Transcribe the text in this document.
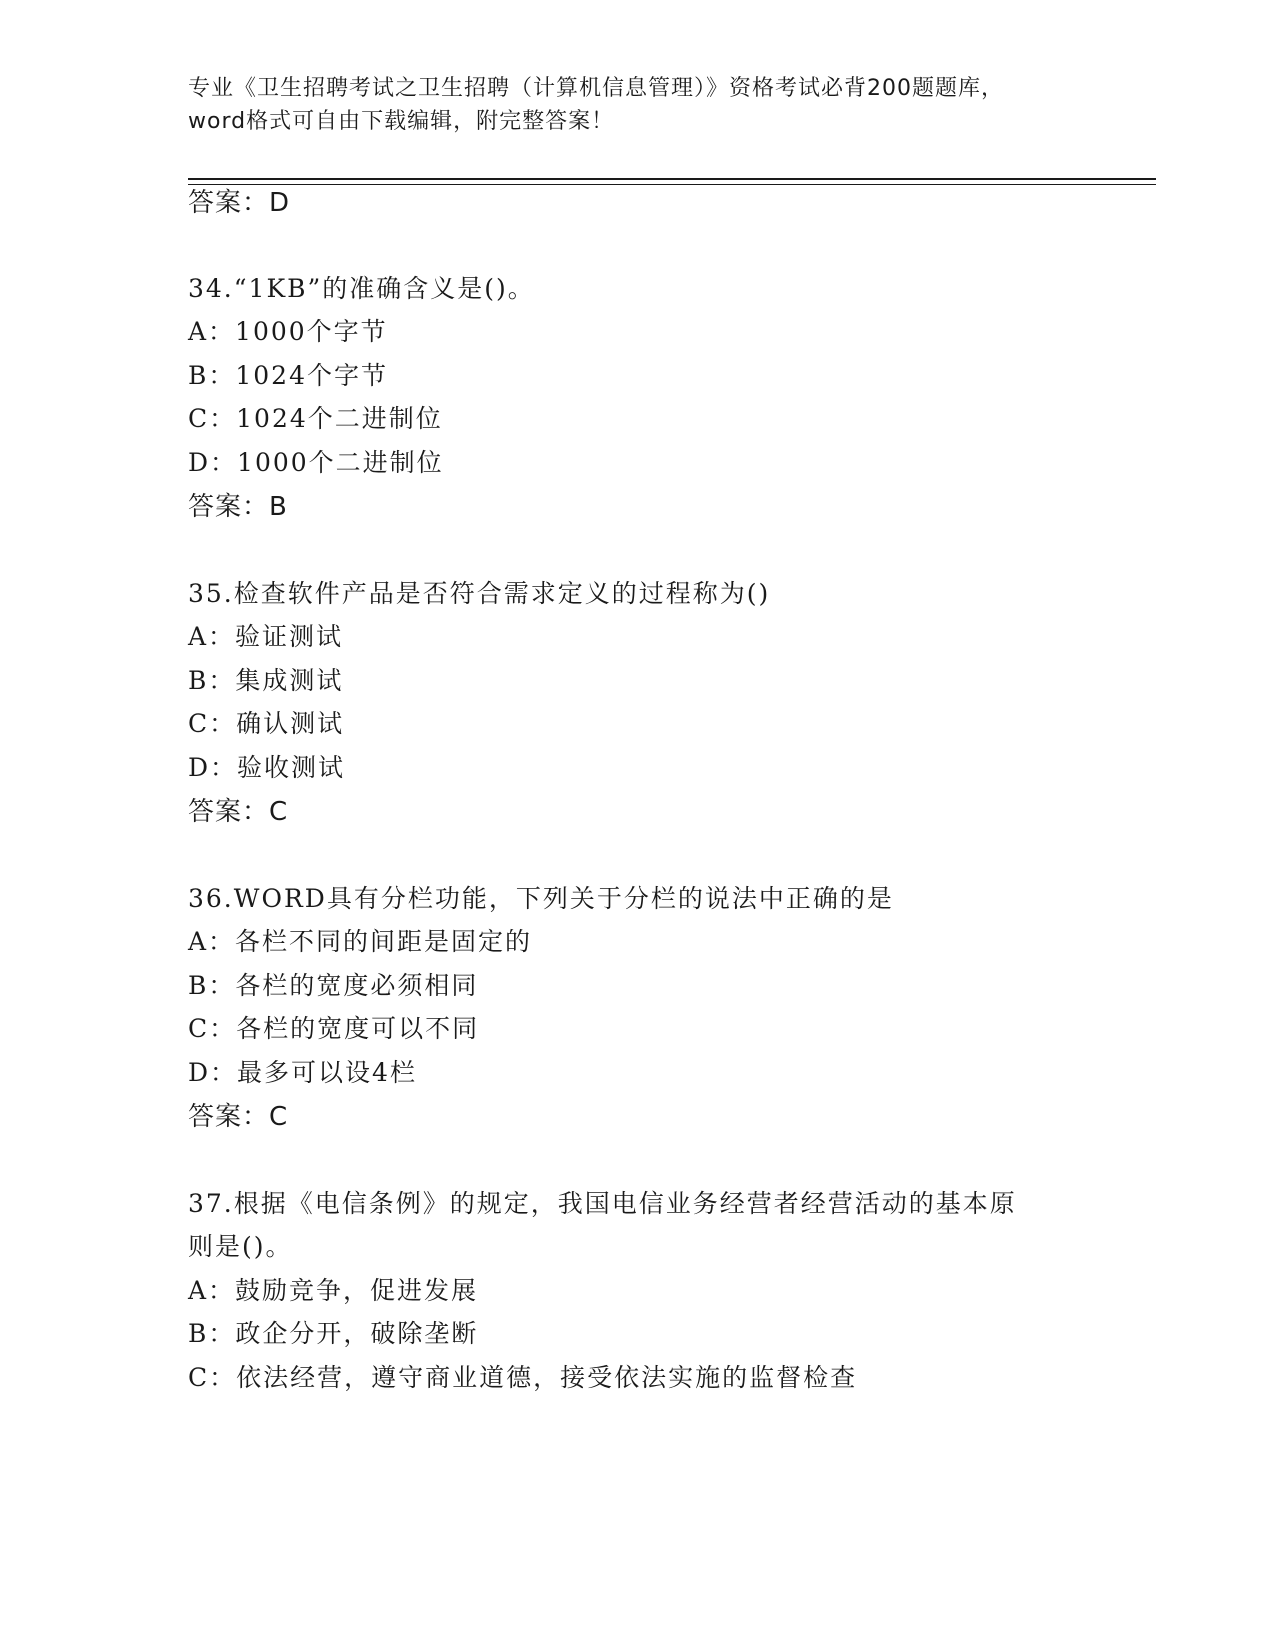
专业《卫生招聘考试之卫生招聘（计算机信息管理）》资格考试必背200题题库，
word格式可自由下载编辑，附完整答案！
答案：D
34.“1KB”的准确含义是()。
A：1000个字节
B：1024个字节
C：1024个二进制位
D：1000个二进制位
答案：B
35.检查软件产品是否符合需求定义的过程称为()
A：验证测试
B：集成测试
C：确认测试
D：验收测试
答案：C
36.WORD具有分栏功能，下列关于分栏的说法中正确的是
A：各栏不同的间距是固定的
B：各栏的宽度必须相同
C：各栏的宽度可以不同
D：最多可以设4栏
答案：C
37.根据《电信条例》的规定，我国电信业务经营者经营活动的基本原
则是()。
A：鼓励竞争，促进发展
B：政企分开，破除垄断
C：依法经营，遵守商业道德，接受依法实施的监督检查
